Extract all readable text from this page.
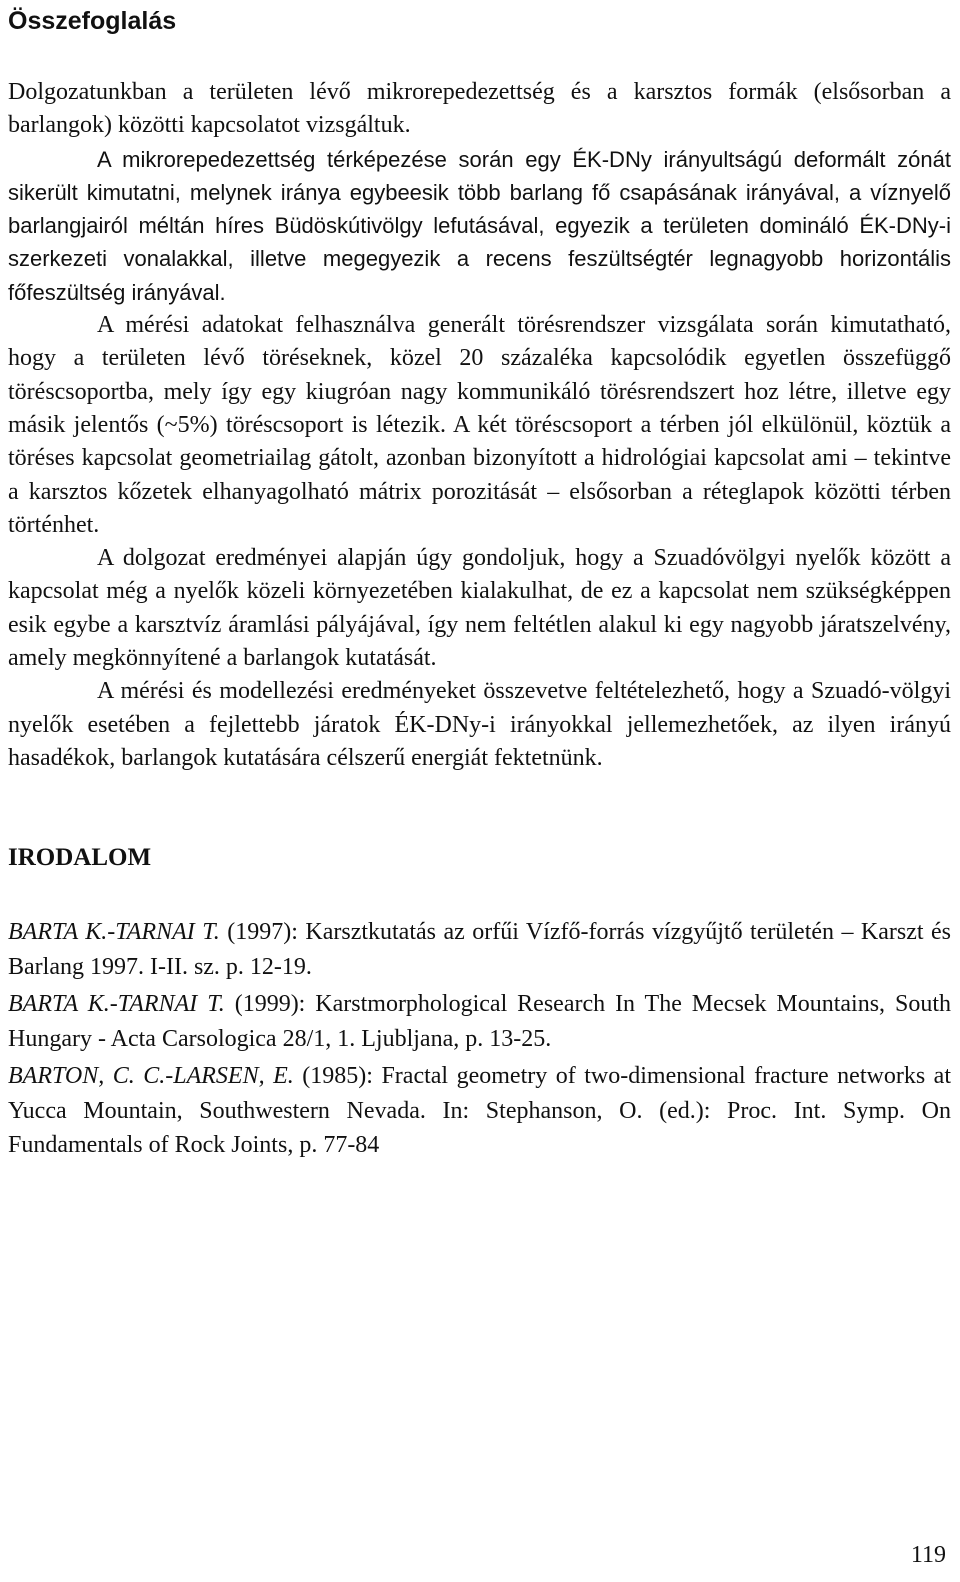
Összefoglalás

Dolgozatunkban a területen lévő mikrorepedezettség és a karsztos formák (elsősorban a barlangok) közötti kapcsolatot vizsgáltuk.

A mikrorepedezettség térképezése során egy ÉK-DNy irányultságú deformált zónát sikerült kimutatni, melynek iránya egybeesik több barlang fő csapásának irányával, a víznyelő barlangjairól méltán híres Büdöskútivölgy lefutásával, egyezik a területen domináló ÉK-DNy-i szerkezeti vonalakkal, illetve megegyezik a recens feszültségtér legnagyobb horizontális főfeszültség irányával.

A mérési adatokat felhasználva generált törésrendszer vizsgálata során kimutatható, hogy a területen lévő töréseknek, közel 20 százaléka kapcsolódik egyetlen összefüggő töréscsoportba, mely így egy kiugróan nagy kommunikáló törésrendszert hoz létre, illetve egy másik jelentős (~5%) töréscsoport is létezik. A két töréscsoport a térben jól elkülönül, köztük a töréses kapcsolat geometriailag gátolt, azonban bizonyított a hidrológiai kapcsolat ami – tekintve a karsztos kőzetek elhanyagolható mátrix porozitását – elsősorban a réteglapok közötti térben történhet.

A dolgozat eredményei alapján úgy gondoljuk, hogy a Szuadóvölgyi nyelők között a kapcsolat még a nyelők közeli környezetében kialakulhat, de ez a kapcsolat nem szükségképpen esik egybe a karsztvíz áramlási pályájával, így nem feltétlen alakul ki egy nagyobb járatszelvény, amely megkönnyítené a barlangok kutatását.

A mérési és modellezési eredményeket összevetve feltételezhető, hogy a Szuadó-völgyi nyelők esetében a fejlettebb járatok ÉK-DNy-i irányokkal jellemezhetőek, az ilyen irányú hasadékok, barlangok kutatására célszerű energiát fektetnünk.

IRODALOM

BARTA K.-TARNAI T. (1997): Karsztkutatás az orfűi Vízfő-forrás vízgyűjtő területén – Karszt és Barlang 1997. I-II. sz. p. 12-19.

BARTA K.-TARNAI T. (1999): Karstmorphological Research In The Mecsek Mountains, South Hungary - Acta Carsologica 28/1, 1. Ljubljana, p. 13-25.

BARTON, C. C.-LARSEN, E. (1985): Fractal geometry of two-dimensional fracture networks at Yucca Mountain, Southwestern Nevada. In: Stephanson, O. (ed.): Proc. Int. Symp. On Fundamentals of Rock Joints, p. 77-84

119
